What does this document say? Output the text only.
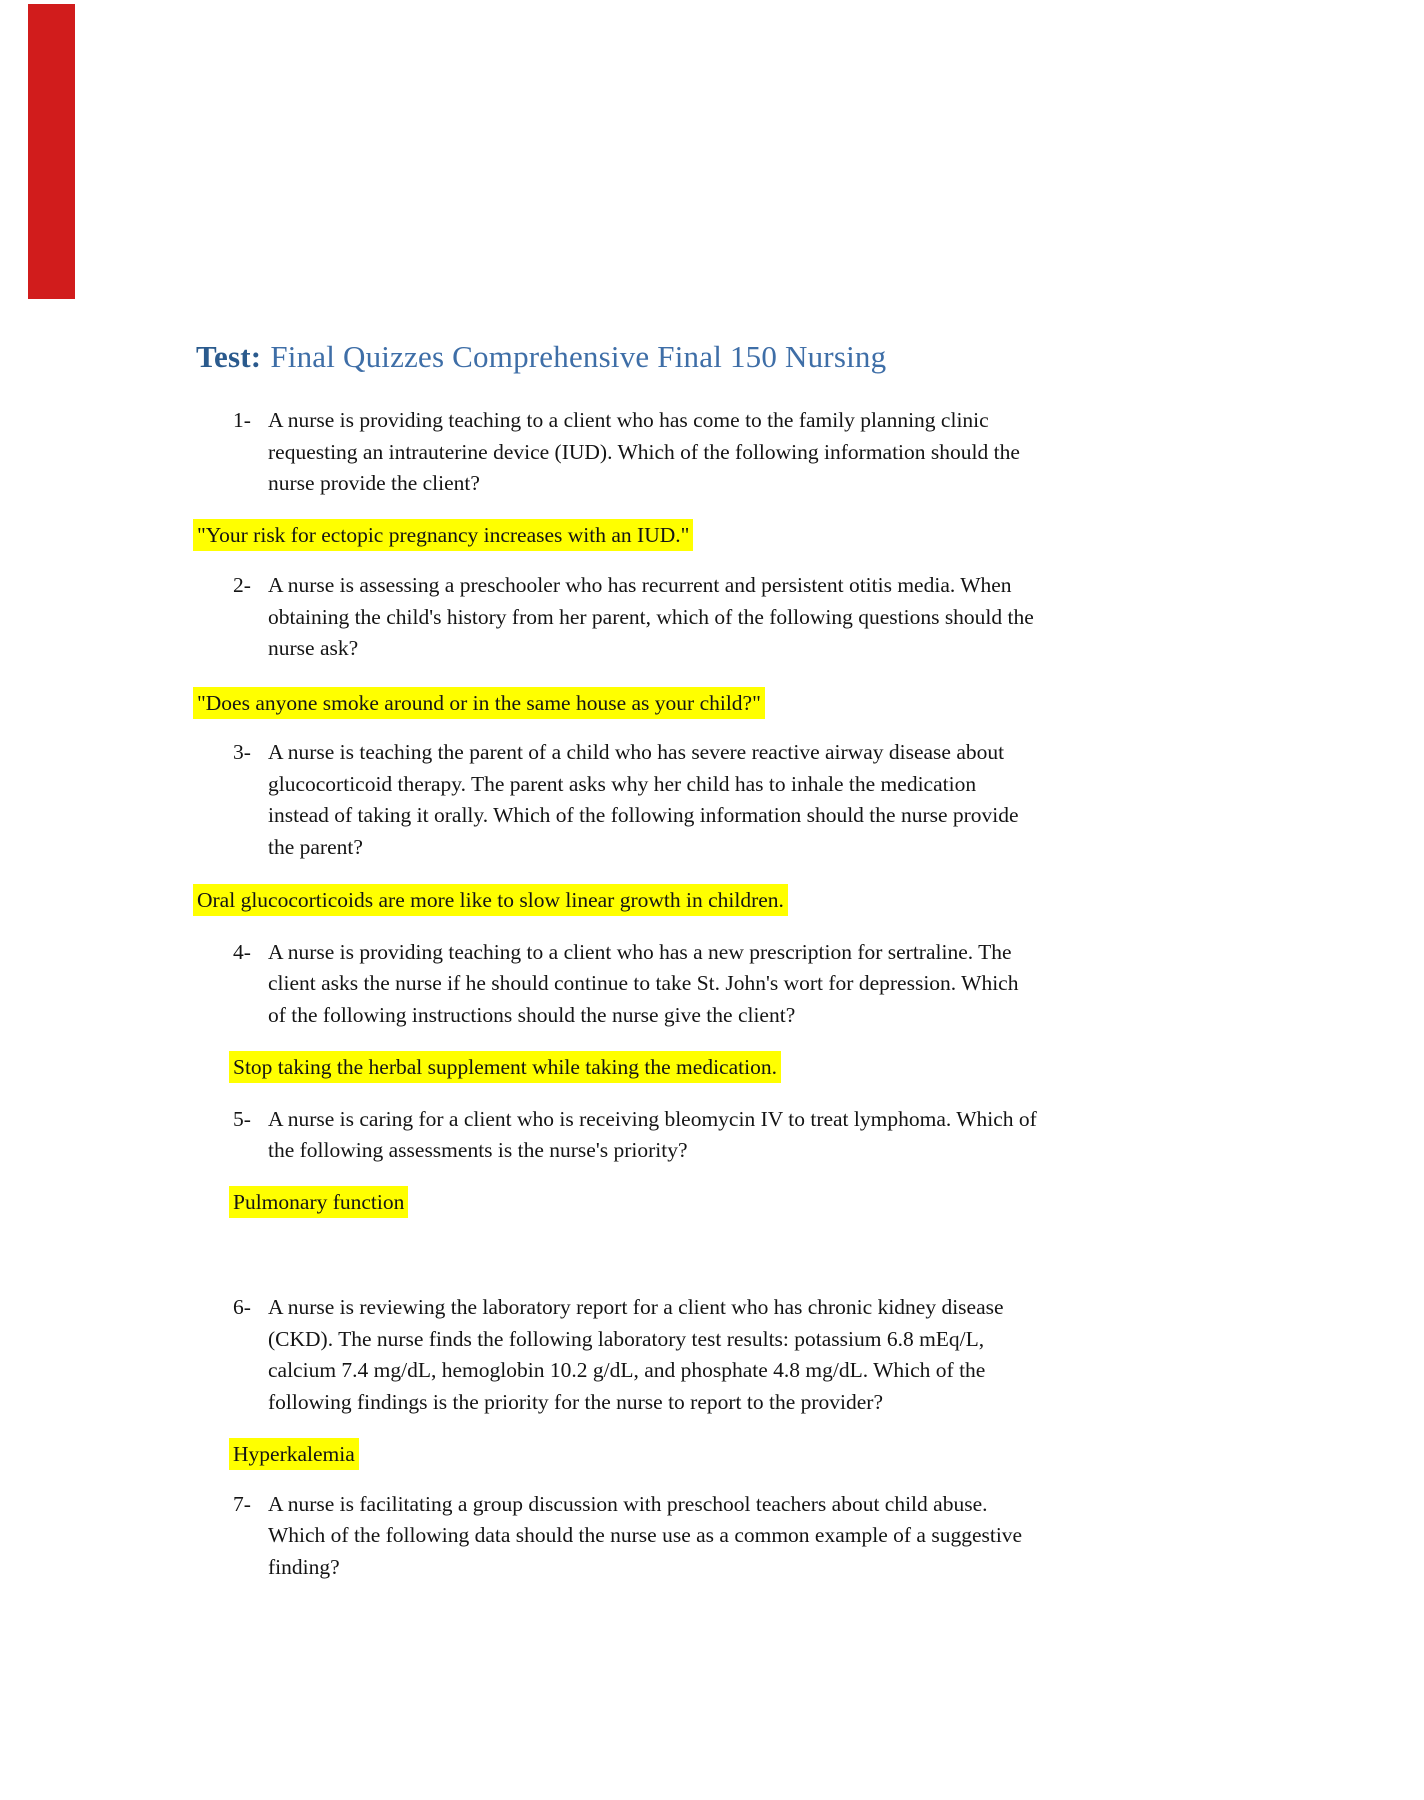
Test: Final Quizzes Comprehensive Final 150 Nursing
1- A nurse is providing teaching to a client who has come to the family planning clinic
requesting an intrauterine device (IUD). Which of the following information should the
nurse provide the client?
"Your risk for ectopic pregnancy increases with an IUD."
2- A nurse is assessing a preschooler who has recurrent and persistent otitis media. When
obtaining the child's history from her parent, which of the following questions should the
nurse ask?
"Does anyone smoke around or in the same house as your child?"
3- A nurse is teaching the parent of a child who has severe reactive airway disease about
glucocorticoid therapy. The parent asks why her child has to inhale the medication
instead of taking it orally. Which of the following information should the nurse provide
the parent?
Oral glucocorticoids are more like to slow linear growth in children.
4- A nurse is providing teaching to a client who has a new prescription for sertraline. The
client asks the nurse if he should continue to take St. John's wort for depression. Which
of the following instructions should the nurse give the client?
Stop taking the herbal supplement while taking the medication.
5- A nurse is caring for a client who is receiving bleomycin IV to treat lymphoma. Which of
the following assessments is the nurse's priority?
Pulmonary function
6- A nurse is reviewing the laboratory report for a client who has chronic kidney disease
(CKD). The nurse finds the following laboratory test results: potassium 6.8 mEq/L,
calcium 7.4 mg/dL, hemoglobin 10.2 g/dL, and phosphate 4.8 mg/dL. Which of the
following findings is the priority for the nurse to report to the provider?
Hyperkalemia
7- A nurse is facilitating a group discussion with preschool teachers about child abuse.
Which of the following data should the nurse use as a common example of a suggestive
finding?
